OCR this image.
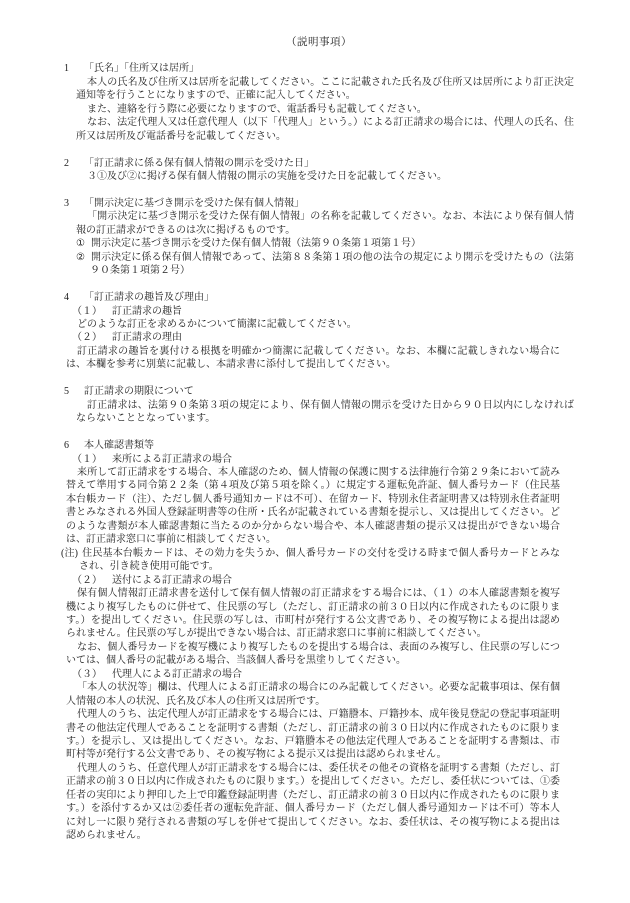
（説明事項）
1 「氏名」「住所又は居所」

本人の氏名及び住所又は居所を記載してください。ここに記載された氏名及び住所又は居所により訂正決定通知等を行うことになりますので、正確に記入してください。

また、連絡を行う際に必要になりますので、電話番号も記載してください。

なお、法定代理人又は任意代理人（以下「代理人」という。）による訂正請求の場合には、代理人の氏名、住所又は居所及び電話番号を記載してください。

2 「訂正請求に係る保有個人情報の開示を受けた日」

３①及び②に掲げる保有個人情報の開示の実施を受けた日を記載してください。

3 「開示決定に基づき開示を受けた保有個人情報」

「開示決定に基づき開示を受けた保有個人情報」の名称を記載してください。なお、本法により保有個人情報の訂正請求ができるのは次に掲げるものです。

① 開示決定に基づき開示を受けた保有個人情報（法第９０条第１項第１号）
② 開示決定に係る保有個人情報であって、法第８８条第１項の他の法令の規定により開示を受けたもの（法第９０条第１項第２号）
4 「訂正請求の趣旨及び理由」
（１） 訂正請求の趣旨

どのような訂正を求めるかについて簡潔に記載してください。

（２） 訂正請求の理由

訂正請求の趣旨を裏付ける根拠を明確かつ簡潔に記載してください。なお、本欄に記載しきれない場合には、本欄を参考に別葉に記載し、本請求書に添付して提出してください。

5 訂正請求の期限について

訂正請求は、法第９０条第３項の規定により、保有個人情報の開示を受けた日から９０日以内にしなければならないこととなっています。

6 本人確認書類等
（１） 来所による訂正請求の場合

来所して訂正請求をする場合、本人確認のため、個人情報の保護に関する法律施行令第２９条において読み替えて準用する同令第２２条（第４項及び第５項を除く。）に規定する運転免許証、個人番号カード（住民基本台帳カード（注）、ただし個人番号通知カードは不可）、在留カード、特別永住者証明書又は特別永住者証明書とみなされる外国人登録証明書等の住所・氏名が記載されている書類を提示し、又は提出してください。どのような書類が本人確認書類に当たるのか分からない場合や、本人確認書類の提示又は提出ができない場合は、訂正請求窓口に事前に相談してください。

(注) 住民基本台帳カードは、その効力を失うか、個人番号カードの交付を受ける時まで個人番号カードとみなされ、引き続き使用可能です。
（２） 送付による訂正請求の場合

保有個人情報訂正請求書を送付して保有個人情報の訂正請求をする場合には、（１）の本人確認書類を複写機により複写したものに併せて、住民票の写し（ただし、訂正請求の前３０日以内に作成されたものに限ります。）を提出してください。住民票の写しは、市町村が発行する公文書であり、その複写物による提出は認められません。住民票の写しが提出できない場合は、訂正請求窓口に事前に相談してください。

なお、個人番号カードを複写機により複写したものを提出する場合は、表面のみ複写し、住民票の写しについては、個人番号の記載がある場合、当該個人番号を黒塗りしてください。

（３） 代理人による訂正請求の場合

「本人の状況等」欄は、代理人による訂正請求の場合にのみ記載してください。必要な記載事項は、保有個人情報の本人の状況、氏名及び本人の住所又は居所です。

代理人のうち、法定代理人が訂正請求をする場合には、戸籍謄本、戸籍抄本、成年後見登記の登記事項証明書その他法定代理人であることを証明する書類（ただし、訂正請求の前３０日以内に作成されたものに限ります。）を提示し、又は提出してください。なお、戸籍謄本その他法定代理人であることを証明する書類は、市町村等が発行する公文書であり、その複写物による提示又は提出は認められません。

代理人のうち、任意代理人が訂正請求をする場合には、委任状その他その資格を証明する書類（ただし、訂正請求の前３０日以内に作成されたものに限ります。）を提出してください。ただし、委任状については、①委任者の実印により押印した上で印鑑登録証明書（ただし、訂正請求の前３０日以内に作成されたものに限ります。）を添付するか又は②委任者の運転免許証、個人番号カード（ただし個人番号通知カードは不可）等本人に対し一に限り発行される書類の写しを併せて提出してください。なお、委任状は、その複写物による提出は認められません。
